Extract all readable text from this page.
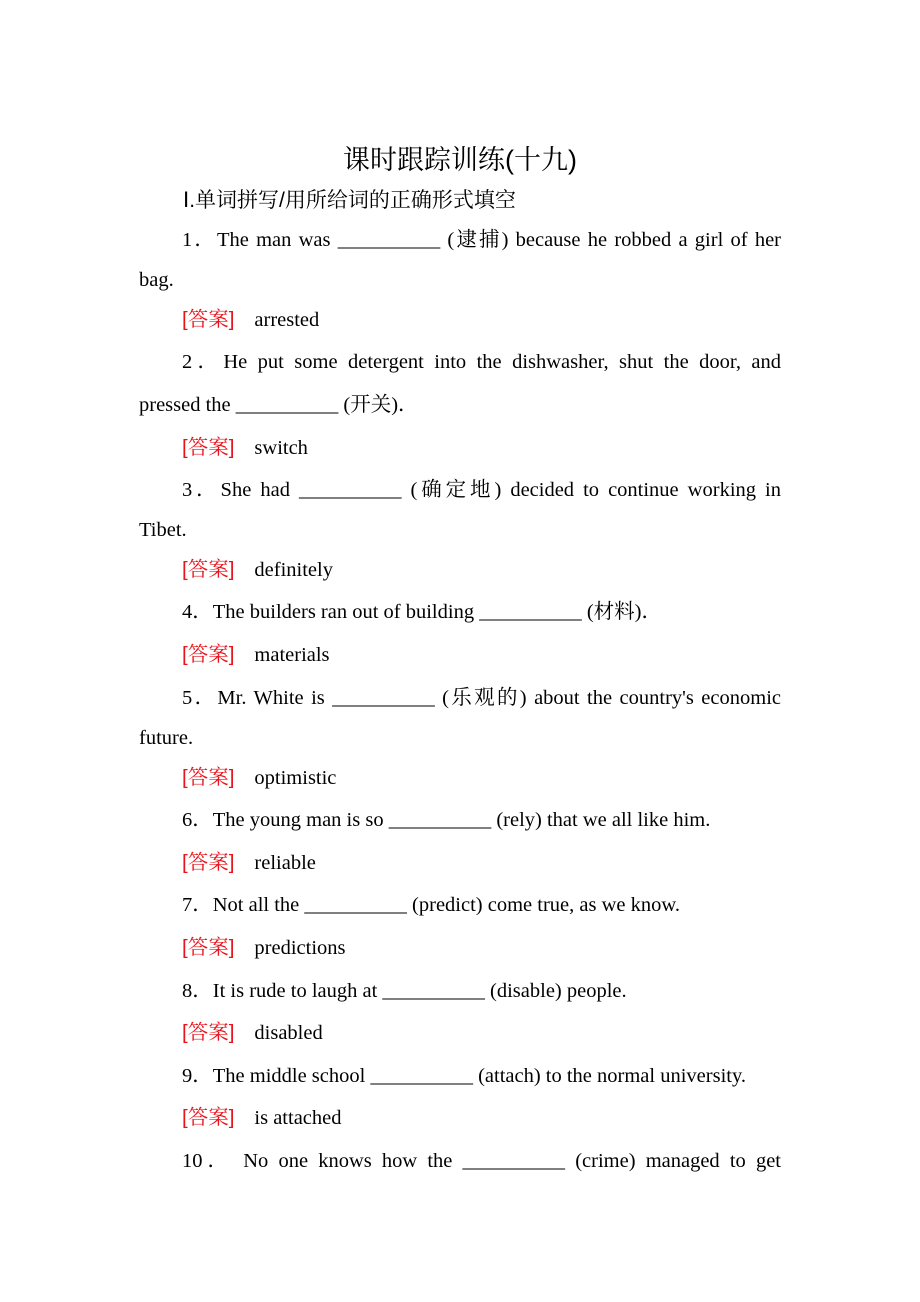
课时跟踪训练(十九)
Ⅰ.单词拼写/用所给词的正确形式填空
1．The man was __________ (逮捕) because he robbed a girl of her
bag.
[答案] arrested
2．He put some detergent into the dishwasher, shut the door, and
pressed the __________ (开关)．
[答案] switch
3．She had __________ (确定地) decided to continue working in
Tibet.
[答案] definitely
4．The builders ran out of building __________ (材料)．
[答案] materials
5．Mr. White is __________ (乐观的) about the country's economic
future.
[答案] optimistic
6．The young man is so __________ (rely) that we all like him.
[答案] reliable
7．Not all the __________ (predict) come true, as we know.
[答案] predictions
8．It is rude to laugh at __________ (disable) people.
[答案] disabled
9．The middle school __________ (attach) to the normal university.
[答案] is attached
10． No one knows how the __________ (crime) managed to get
